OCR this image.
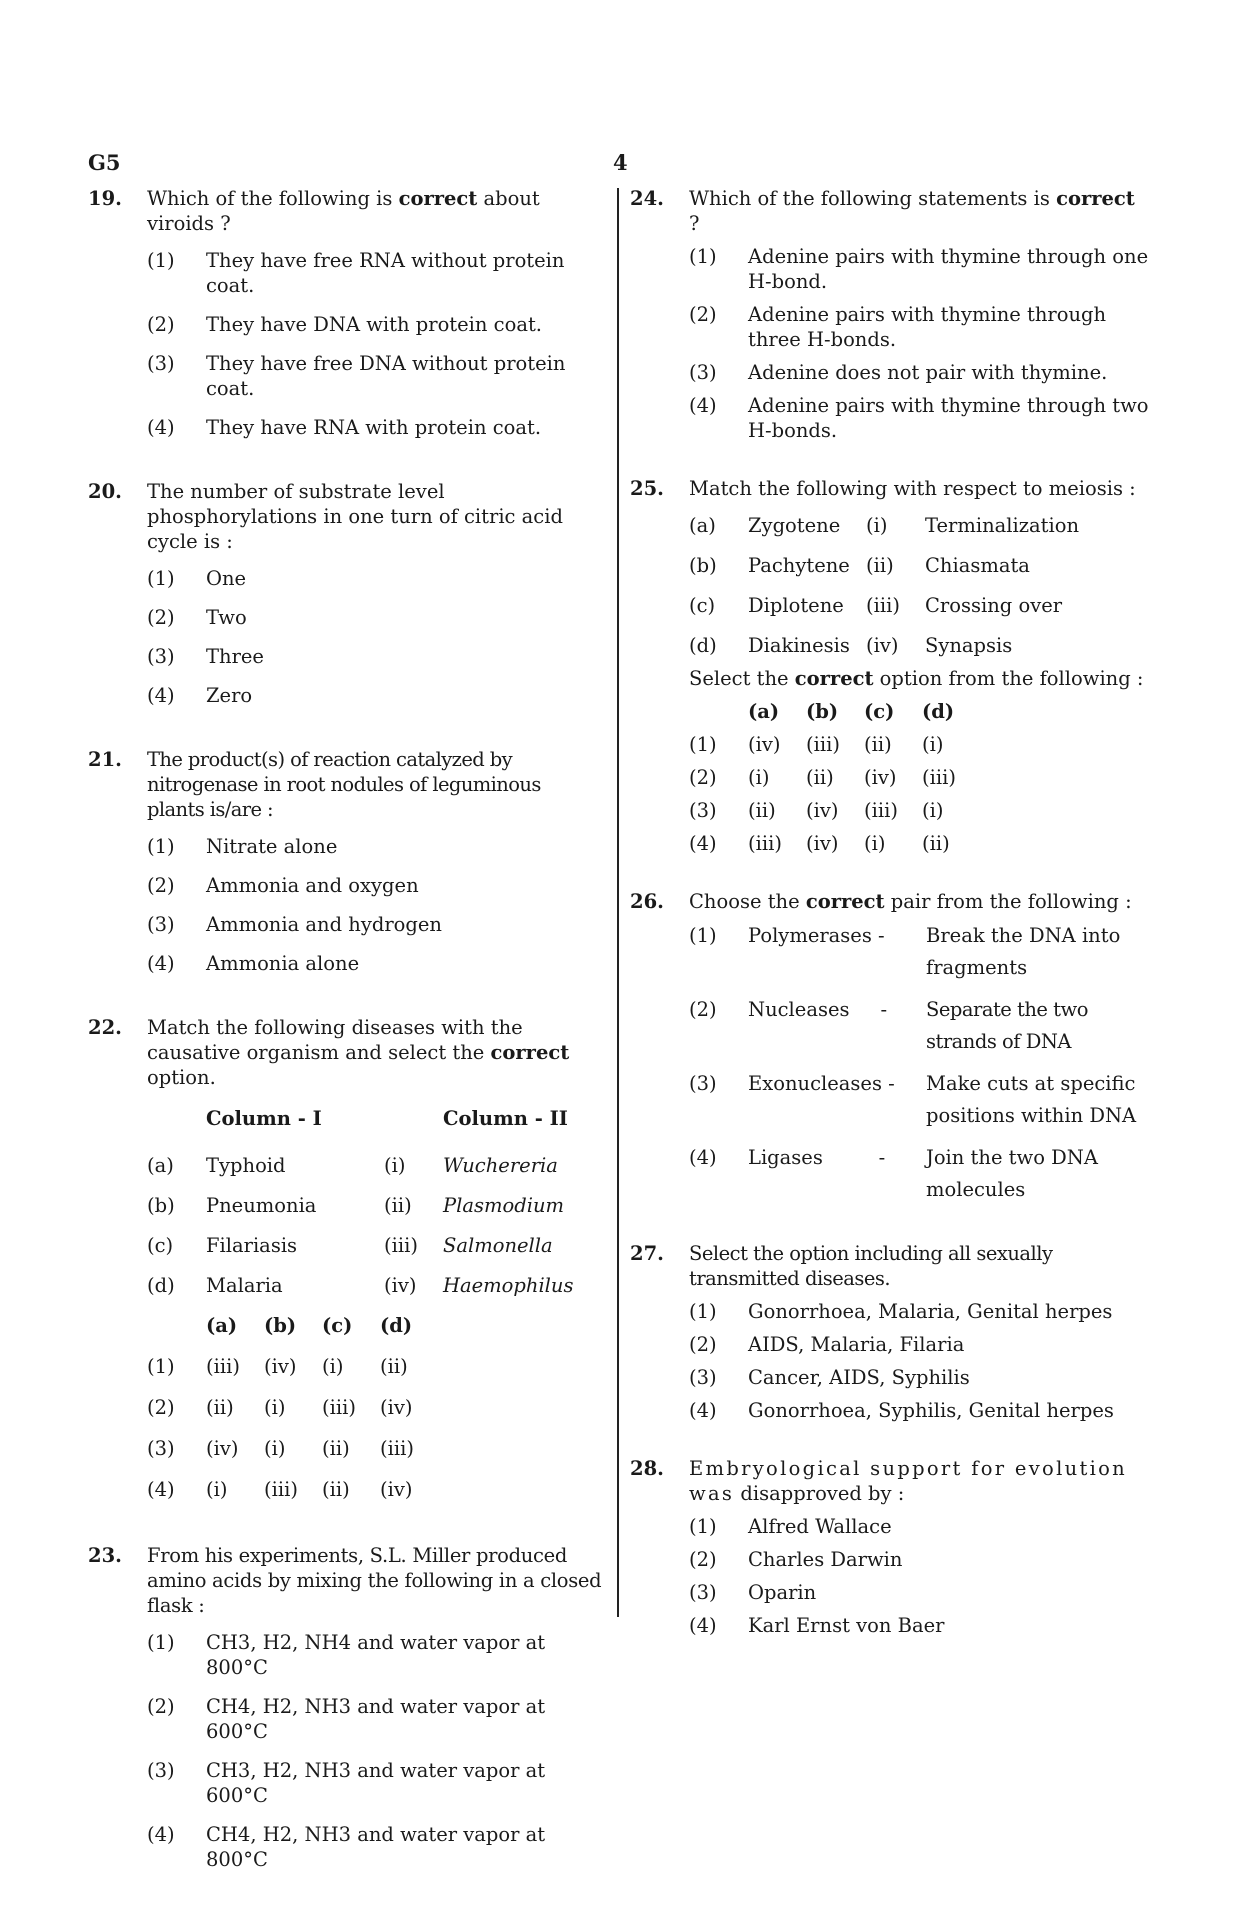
G5	4
19.	Which of the following is correct about viroids ?
(1)	They have free RNA without protein coat.
(2)	They have DNA with protein coat.
(3)	They have free DNA without protein coat.
(4)	They have RNA with protein coat.
20.	The number of substrate level phosphorylations in one turn of citric acid cycle is :
(1)	One
(2)	Two
(3)	Three
(4)	Zero
21.	The product(s) of reaction catalyzed by nitrogenase in root nodules of leguminous plants is/are :
(1)	Nitrate alone
(2)	Ammonia and oxygen
(3)	Ammonia and hydrogen
(4)	Ammonia alone
22.	Match the following diseases with the causative organism and select the correct option.
Column - I	Column - II
(a)	Typhoid	(i)	Wuchereria
(b)	Pneumonia	(ii)	Plasmodium
(c)	Filariasis	(iii)	Salmonella
(d)	Malaria	(iv)	Haemophilus
(a)	(b)	(c)	(d)
(1)	(iii)	(iv)	(i)	(ii)
(2)	(ii)	(i)	(iii)	(iv)
(3)	(iv)	(i)	(ii)	(iii)
(4)	(i)	(iii)	(ii)	(iv)
23.	From his experiments, S.L. Miller produced amino acids by mixing the following in a closed flask :
(1)	CH3, H2, NH4 and water vapor at 800°C
(2)	CH4, H2, NH3 and water vapor at 600°C
(3)	CH3, H2, NH3 and water vapor at 600°C
(4)	CH4, H2, NH3 and water vapor at 800°C
24.	Which of the following statements is correct ?
(1)	Adenine pairs with thymine through one H-bond.
(2)	Adenine pairs with thymine through three H-bonds.
(3)	Adenine does not pair with thymine.
(4)	Adenine pairs with thymine through two H-bonds.
25.	Match the following with respect to meiosis :
(a)	Zygotene	(i)	Terminalization
(b)	Pachytene (ii)	Chiasmata
(c)	Diplotene	(iii)	Crossing over
(d)	Diakinesis (iv)	Synapsis
Select the correct option from the following :
(a)	(b)	(c)	(d)
(1)	(iv)	(iii)	(ii)	(i)
(2)	(i)	(ii)	(iv)	(iii)
(3)	(ii)	(iv)	(iii)	(i)
(4)	(iii)	(iv)	(i)	(ii)
26.	Choose the correct pair from the following :
(1)	Polymerases -	Break the DNA into fragments
(2)	Nucleases     -	Separate the two strands of DNA
(3)	Exonucleases -	Make cuts at specific positions within DNA
(4)	Ligases         -	Join the two DNA molecules
27.	Select the option including all sexually transmitted diseases.
(1)	Gonorrhoea, Malaria, Genital herpes
(2)	AIDS, Malaria, Filaria
(3)	Cancer, AIDS, Syphilis
(4)	Gonorrhoea, Syphilis, Genital herpes
28.	Embryological support for evolution was disapproved by :
(1)	Alfred Wallace
(2)	Charles Darwin
(3)	Oparin
(4)	Karl Ernst von Baer
